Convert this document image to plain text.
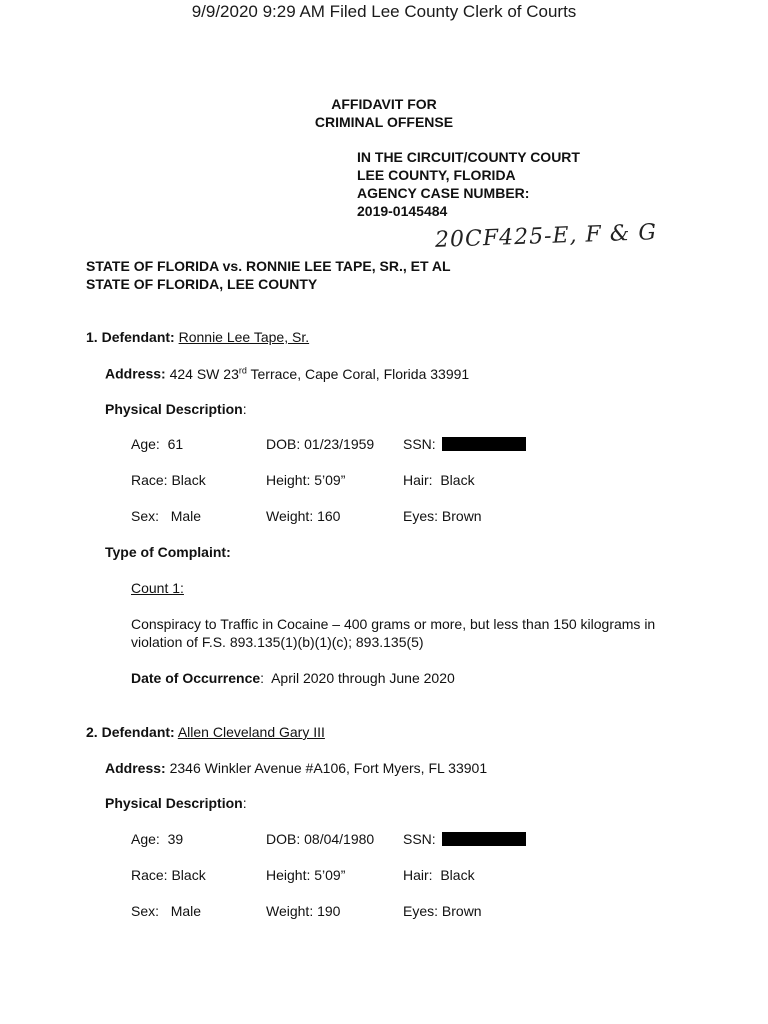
9/9/2020 9:29 AM Filed Lee County Clerk of Courts
AFFIDAVIT FOR
CRIMINAL OFFENSE
IN THE CIRCUIT/COUNTY COURT
LEE COUNTY, FLORIDA
AGENCY CASE NUMBER:
2019-0145484
20CF425-E, F & G
STATE OF FLORIDA vs. RONNIE LEE TAPE, SR., ET AL
STATE OF FLORIDA, LEE COUNTY
1. Defendant: Ronnie Lee Tape, Sr.
Address: 424 SW 23rd Terrace, Cape Coral, Florida 33991
Physical Description:
Age: 61	DOB: 01/23/1959 SSN:
Race: Black	Height: 5’09”	Hair: Black
Sex: Male	Weight: 160	Eyes: Brown
Type of Complaint:
Count 1:
Conspiracy to Traffic in Cocaine – 400 grams or more, but less than 150 kilograms in violation of F.S. 893.135(1)(b)(1)(c); 893.135(5)
Date of Occurrence:  April 2020 through June 2020
2. Defendant: Allen Cleveland Gary III
Address: 2346 Winkler Avenue #A106, Fort Myers, FL 33901
Physical Description:
Age: 39	DOB: 08/04/1980 SSN:
Race: Black	Height: 5’09”	Hair: Black
Sex: Male	Weight: 190	Eyes: Brown
